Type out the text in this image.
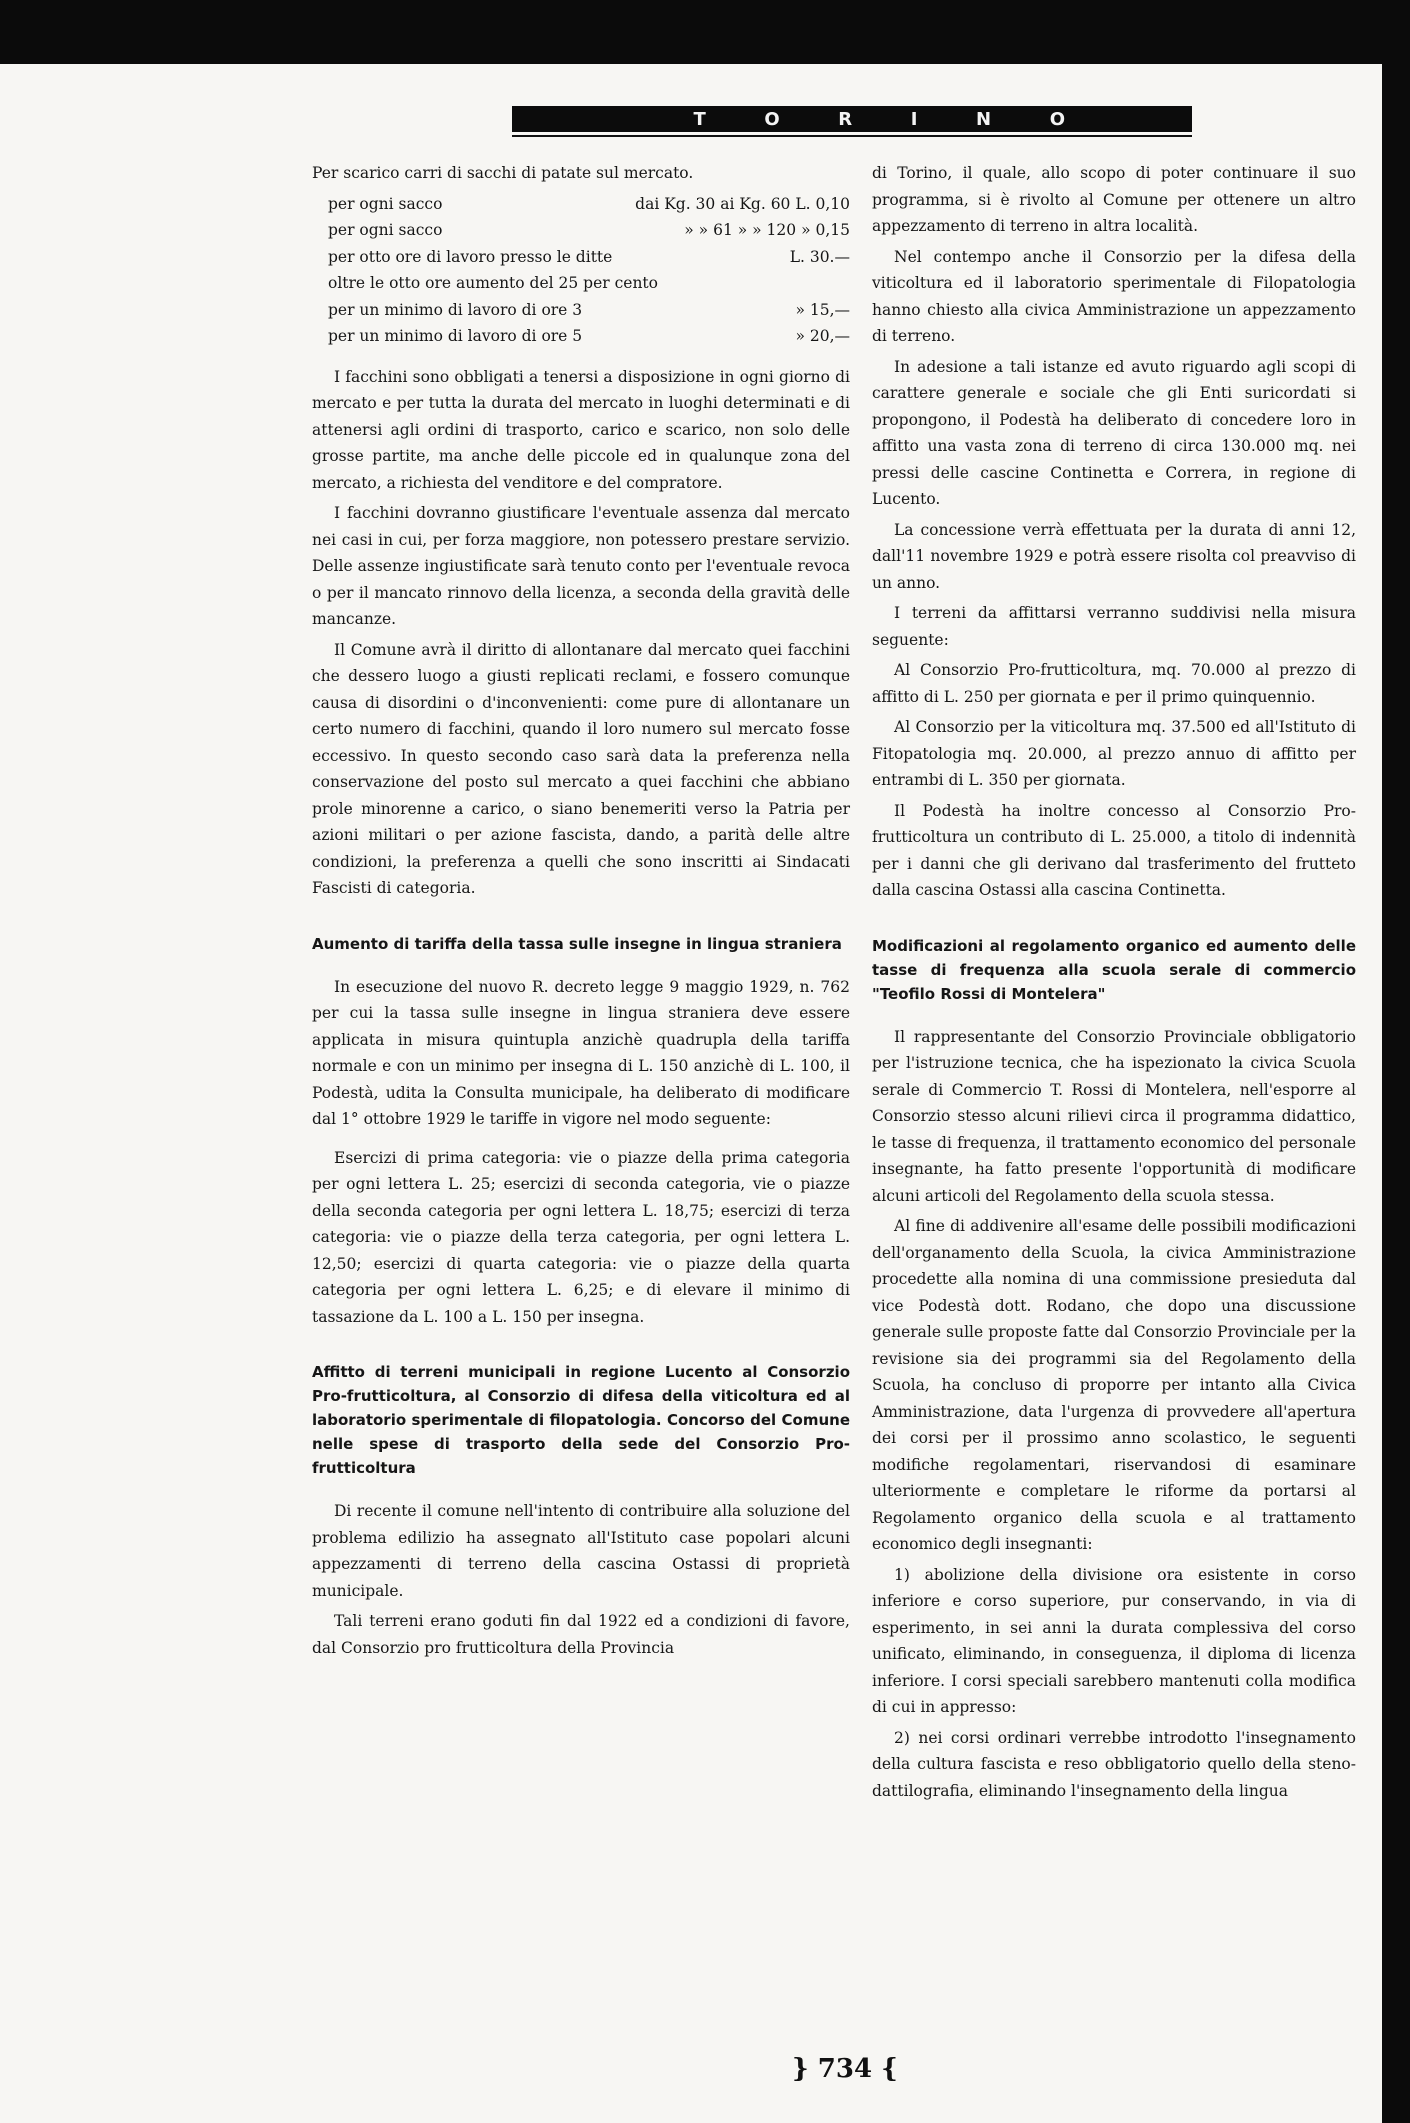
T	O	R	I	N	O

Per scarico carri di sacchi di patate sul mercato.

per ogni sacco	dai Kg. 30 ai Kg. 60 L. 0,10
per ogni sacco	» » 61 » » 120 » 0,15
per otto ore di lavoro presso le ditte	L. 30.—
oltre le otto ore aumento del 25 per cento
per un minimo di lavoro di ore 3	» 15,—
per un minimo di lavoro di ore 5	» 20,—

I facchini sono obbligati a tenersi a disposizione in ogni giorno di mercato e per tutta la durata del mercato in luoghi determinati e di attenersi agli ordini di trasporto, carico e scarico, non solo delle grosse partite, ma anche delle piccole ed in qualunque zona del mercato, a richiesta del venditore e del compratore.

I facchini dovranno giustificare l'eventuale assenza dal mercato nei casi in cui, per forza maggiore, non potessero prestare servizio. Delle assenze ingiustificate sarà tenuto conto per l'eventuale revoca o per il mancato rinnovo della licenza, a seconda della gravità delle mancanze.

Il Comune avrà il diritto di allontanare dal mercato quei facchini che dessero luogo a giusti replicati reclami, e fossero comunque causa di disordini o d'inconvenienti: come pure di allontanare un certo numero di facchini, quando il loro numero sul mercato fosse eccessivo. In questo secondo caso sarà data la preferenza nella conservazione del posto sul mercato a quei facchini che abbiano prole minorenne a carico, o siano benemeriti verso la Patria per azioni militari o per azione fascista, dando, a parità delle altre condizioni, la preferenza a quelli che sono inscritti ai Sindacati Fascisti di categoria.

Aumento di tariffa della tassa sulle insegne in lingua straniera

In esecuzione del nuovo R. decreto legge 9 maggio 1929, n. 762 per cui la tassa sulle insegne in lingua straniera deve essere applicata in misura quintupla anzichè quadrupla della tariffa normale e con un minimo per insegna di L. 150 anzichè di L. 100, il Podestà, udita la Consulta municipale, ha deliberato di modificare dal 1° ottobre 1929 le tariffe in vigore nel modo seguente:

Esercizi di prima categoria: vie o piazze della prima categoria per ogni lettera L. 25; esercizi di seconda categoria, vie o piazze della seconda categoria per ogni lettera L. 18,75; esercizi di terza categoria: vie o piazze della terza categoria, per ogni lettera L. 12,50; esercizi di quarta categoria: vie o piazze della quarta categoria per ogni lettera L. 6,25; e di elevare il minimo di tassazione da L. 100 a L. 150 per insegna.

Affitto di terreni municipali in regione Lucento al Consorzio Pro-frutticoltura, al Consorzio di difesa della viticoltura ed al laboratorio sperimentale di filopatologia. Concorso del Comune nelle spese di trasporto della sede del Consorzio Pro-frutticoltura

Di recente il comune nell'intento di contribuire alla soluzione del problema edilizio ha assegnato all'Istituto case popolari alcuni appezzamenti di terreno della cascina Ostassi di proprietà municipale.

Tali terreni erano goduti fin dal 1922 ed a condizioni di favore, dal Consorzio pro frutticoltura della Provincia

di Torino, il quale, allo scopo di poter continuare il suo programma, si è rivolto al Comune per ottenere un altro appezzamento di terreno in altra località.

Nel contempo anche il Consorzio per la difesa della viticoltura ed il laboratorio sperimentale di Filopatologia hanno chiesto alla civica Amministrazione un appezzamento di terreno.

In adesione a tali istanze ed avuto riguardo agli scopi di carattere generale e sociale che gli Enti suricordati si propongono, il Podestà ha deliberato di concedere loro in affitto una vasta zona di terreno di circa 130.000 mq. nei pressi delle cascine Continetta e Correra, in regione di Lucento.

La concessione verrà effettuata per la durata di anni 12, dall'11 novembre 1929 e potrà essere risolta col preavviso di un anno.

I terreni da affittarsi verranno suddivisi nella misura seguente:

Al Consorzio Pro-frutticoltura, mq. 70.000 al prezzo di affitto di L. 250 per giornata e per il primo quinquennio.

Al Consorzio per la viticoltura mq. 37.500 ed all'Istituto di Fitopatologia mq. 20.000, al prezzo annuo di affitto per entrambi di L. 350 per giornata.

Il Podestà ha inoltre concesso al Consorzio Pro-frutticoltura un contributo di L. 25.000, a titolo di indennità per i danni che gli derivano dal trasferimento del frutteto dalla cascina Ostassi alla cascina Continetta.

Modificazioni al regolamento organico ed aumento delle tasse di frequenza alla scuola serale di commercio "Teofilo Rossi di Montelera"

Il rappresentante del Consorzio Provinciale obbligatorio per l'istruzione tecnica, che ha ispezionato la civica Scuola serale di Commercio T. Rossi di Montelera, nell'esporre al Consorzio stesso alcuni rilievi circa il programma didattico, le tasse di frequenza, il trattamento economico del personale insegnante, ha fatto presente l'opportunità di modificare alcuni articoli del Regolamento della scuola stessa.

Al fine di addivenire all'esame delle possibili modificazioni dell'organamento della Scuola, la civica Amministrazione procedette alla nomina di una commissione presieduta dal vice Podestà dott. Rodano, che dopo una discussione generale sulle proposte fatte dal Consorzio Provinciale per la revisione sia dei programmi sia del Regolamento della Scuola, ha concluso di proporre per intanto alla Civica Amministrazione, data l'urgenza di provvedere all'apertura dei corsi per il prossimo anno scolastico, le seguenti modifiche regolamentari, riservandosi di esaminare ulteriormente e completare le riforme da portarsi al Regolamento organico della scuola e al trattamento economico degli insegnanti:

1) abolizione della divisione ora esistente in corso inferiore e corso superiore, pur conservando, in via di esperimento, in sei anni la durata complessiva del corso unificato, eliminando, in conseguenza, il diploma di licenza inferiore. I corsi speciali sarebbero mantenuti colla modifica di cui in appresso:

2) nei corsi ordinari verrebbe introdotto l'insegnamento della cultura fascista e reso obbligatorio quello della steno-dattilografia, eliminando l'insegnamento della lingua

} 734 {
